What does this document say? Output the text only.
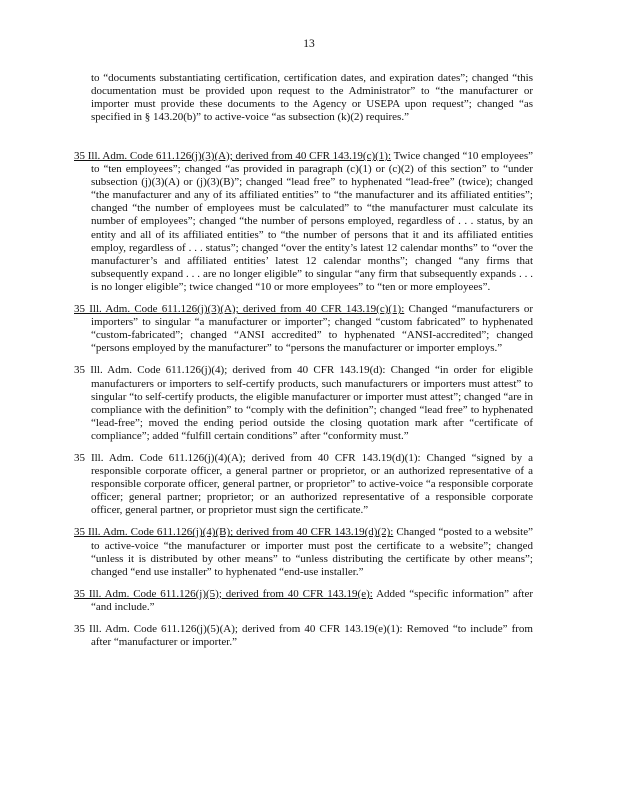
13

to “documents substantiating certification, certification dates, and expiration dates”; changed “this documentation must be provided upon request to the Administrator” to “the manufacturer or importer must provide these documents to the Agency or USEPA upon request”; changed “as specified in § 143.20(b)” to active-voice “as subsection (k)(2) requires.”

35 Ill. Adm. Code 611.126(j)(3)(A); derived from 40 CFR 143.19(c)(1): Twice changed “10 employees” to “ten employees”; changed “as provided in paragraph (c)(1) or (c)(2) of this section” to “under subsection (j)(3)(A) or (j)(3)(B)”; changed “lead free” to hyphenated “lead-free” (twice); changed “the manufacturer and any of its affiliated entities” to “the manufacturer and its affiliated entities”; changed “the number of employees must be calculated” to “the manufacturer must calculate its number of employees”; changed “the number of persons employed, regardless of . . . status, by an entity and all of its affiliated entities” to “the number of persons that it and its affiliated entities employ, regardless of . . . status”; changed “over the entity’s latest 12 calendar months” to “over the manufacturer’s and affiliated entities’ latest 12 calendar months”; changed “any firms that subsequently expand . . . are no longer eligible” to singular “any firm that subsequently expands . . . is no longer eligible”; twice changed “10 or more employees” to “ten or more employees”.

35 Ill. Adm. Code 611.126(j)(3)(A); derived from 40 CFR 143.19(c)(1): Changed “manufacturers or importers” to singular “a manufacturer or importer”; changed “custom fabricated” to hyphenated “custom-fabricated”; changed “ANSI accredited” to hyphenated “ANSI-accredited”; changed “persons employed by the manufacturer” to “persons the manufacturer or importer employs.”

35 Ill. Adm. Code 611.126(j)(4); derived from 40 CFR 143.19(d): Changed “in order for eligible manufacturers or importers to self-certify products, such manufacturers or importers must attest” to singular “to self-certify products, the eligible manufacturer or importer must attest”; changed “are in compliance with the definition” to “comply with the definition”; changed “lead free” to hyphenated “lead-free”; moved the ending period outside the closing quotation mark after “certificate of compliance”; added “fulfill certain conditions” after “conformity must.”

35 Ill. Adm. Code 611.126(j)(4)(A); derived from 40 CFR 143.19(d)(1): Changed “signed by a responsible corporate officer, a general partner or proprietor, or an authorized representative of a responsible corporate officer, general partner, or proprietor” to active-voice “a responsible corporate officer; general partner; proprietor; or an authorized representative of a responsible corporate officer, general partner, or proprietor must sign the certificate.”

35 Ill. Adm. Code 611.126(j)(4)(B); derived from 40 CFR 143.19(d)(2): Changed “posted to a website” to active-voice “the manufacturer or importer must post the certificate to a website”; changed “unless it is distributed by other means” to “unless distributing the certificate by other means”; changed “end use installer” to hyphenated “end-use installer.”

35 Ill. Adm. Code 611.126(j)(5); derived from 40 CFR 143.19(e): Added “specific information” after “and include.”

35 Ill. Adm. Code 611.126(j)(5)(A); derived from 40 CFR 143.19(e)(1): Removed “to include” from after “manufacturer or importer.”
